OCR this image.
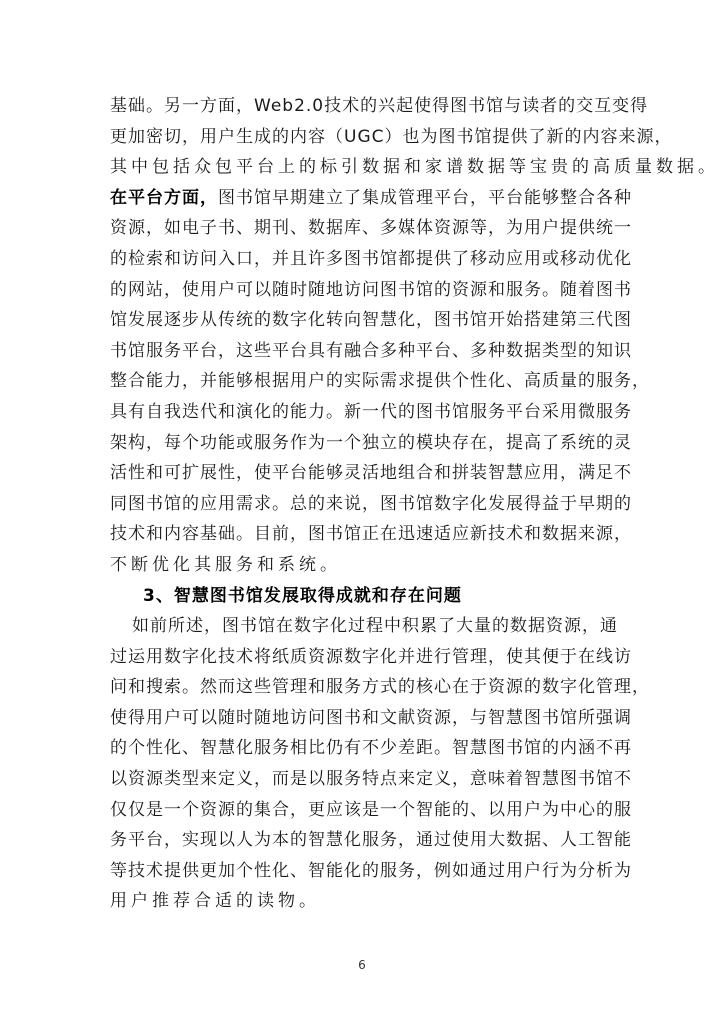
基础。另一方面，Web2.0技术的兴起使得图书馆与读者的交互变得
更加密切，用户生成的内容（UGC）也为图书馆提供了新的内容来源，
其中包括众包平台上的标引数据和家谱数据等宝贵的高质量数据。
在平台方面，图书馆早期建立了集成管理平台，平台能够整合各种
资源，如电子书、期刊、数据库、多媒体资源等，为用户提供统一
的检索和访问入口，并且许多图书馆都提供了移动应用或移动优化
的网站，使用户可以随时随地访问图书馆的资源和服务。随着图书
馆发展逐步从传统的数字化转向智慧化，图书馆开始搭建第三代图
书馆服务平台，这些平台具有融合多种平台、多种数据类型的知识
整合能力，并能够根据用户的实际需求提供个性化、高质量的服务，
具有自我迭代和演化的能力。新一代的图书馆服务平台采用微服务
架构，每个功能或服务作为一个独立的模块存在，提高了系统的灵
活性和可扩展性，使平台能够灵活地组合和拼装智慧应用，满足不
同图书馆的应用需求。总的来说，图书馆数字化发展得益于早期的
技术和内容基础。目前，图书馆正在迅速适应新技术和数据来源，
不断优化其服务和系统。
3、智慧图书馆发展取得成就和存在问题
如前所述，图书馆在数字化过程中积累了大量的数据资源，通
过运用数字化技术将纸质资源数字化并进行管理，使其便于在线访
问和搜索。然而这些管理和服务方式的核心在于资源的数字化管理，
使得用户可以随时随地访问图书和文献资源，与智慧图书馆所强调
的个性化、智慧化服务相比仍有不少差距。智慧图书馆的内涵不再
以资源类型来定义，而是以服务特点来定义，意味着智慧图书馆不
仅仅是一个资源的集合，更应该是一个智能的、以用户为中心的服
务平台，实现以人为本的智慧化服务，通过使用大数据、人工智能
等技术提供更加个性化、智能化的服务，例如通过用户行为分析为
用户推荐合适的读物。
6
